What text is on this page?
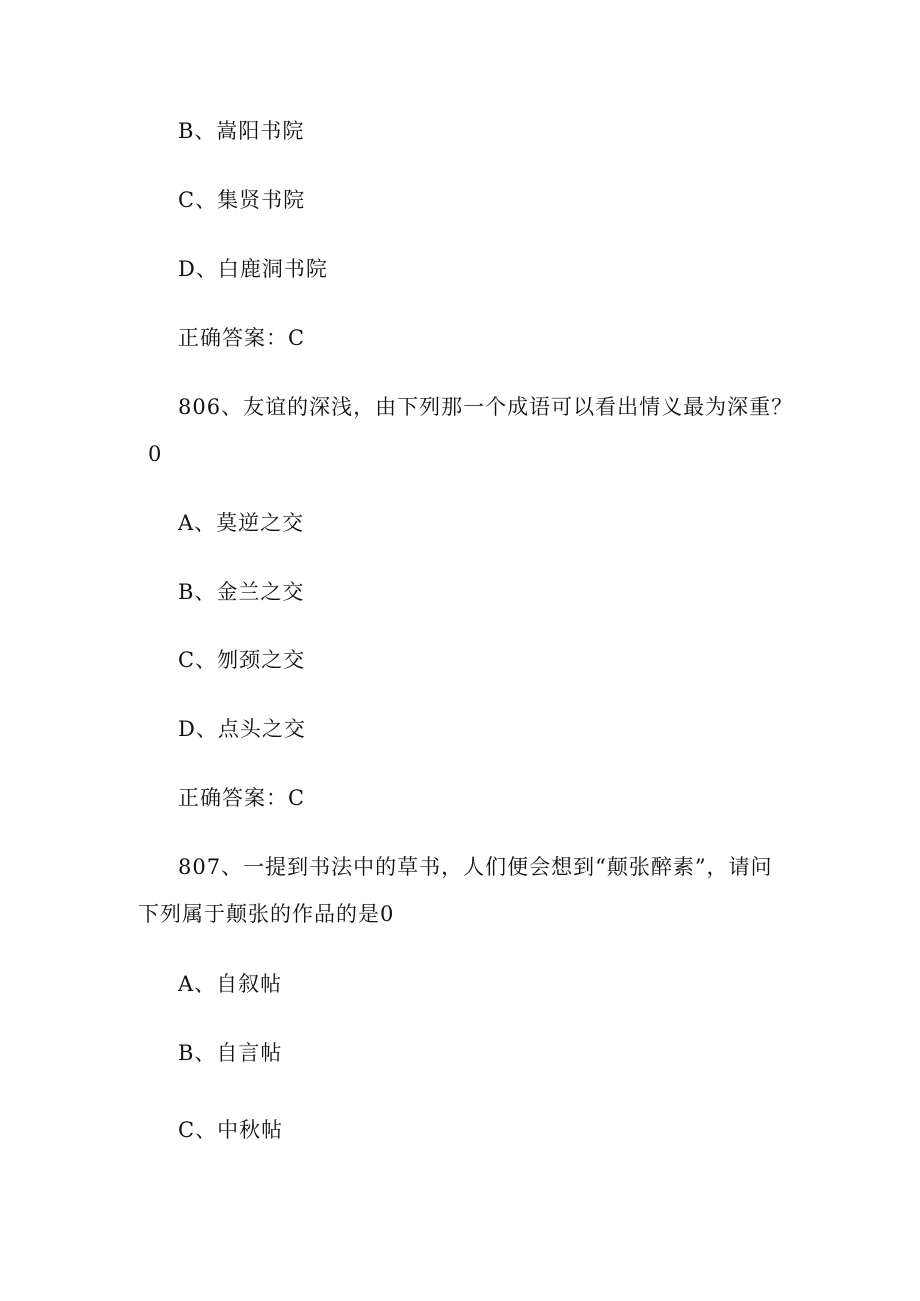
B、嵩阳书院
C、集贤书院
D、白鹿洞书院
正确答案：C
806、友谊的深浅，由下列那一个成语可以看出情义最为深重？
0
A、莫逆之交
B、金兰之交
C、刎颈之交
D、点头之交
正确答案：C
807、一提到书法中的草书，人们便会想到“颠张醉素”，请问
下列属于颠张的作品的是0
A、自叙帖
B、自言帖
C、中秋帖
